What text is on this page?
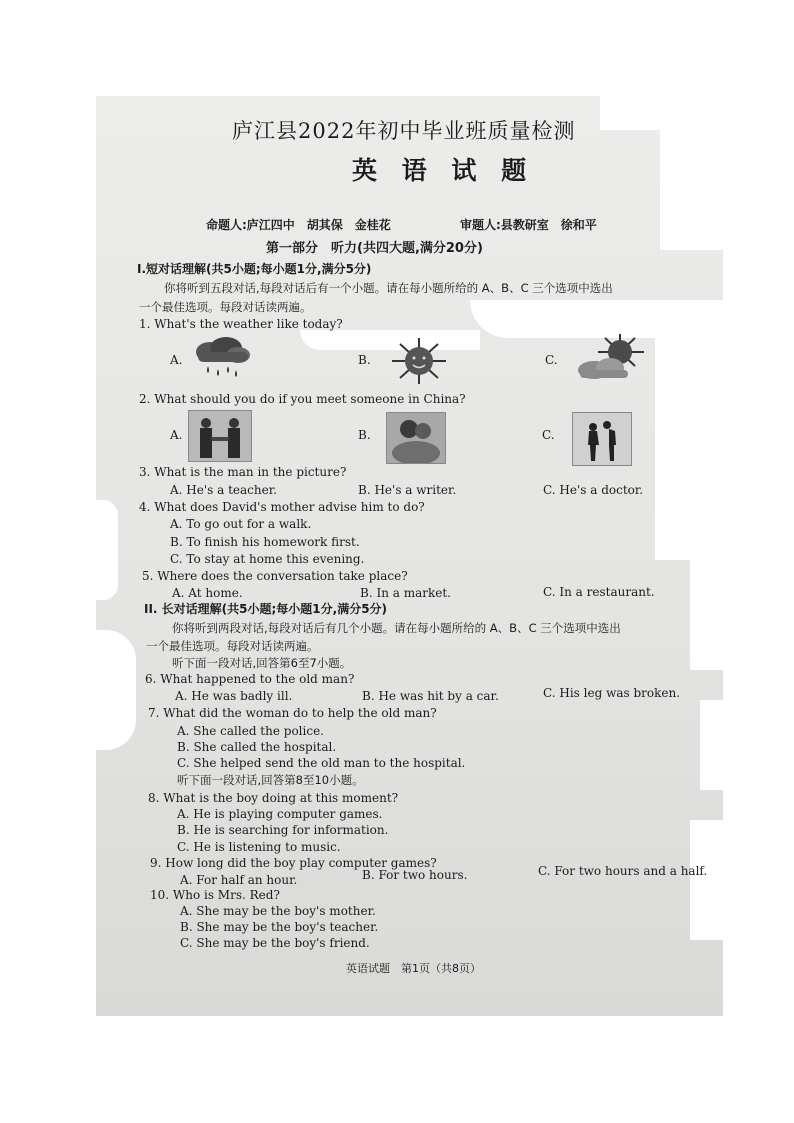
庐江县2022年初中毕业班质量检测
英 语 试 题
命题人:庐江四中　胡其保　金桂花	审题人:县教研室　徐和平
第一部分　听力(共四大题,满分20分)
I.短对话理解(共5小题;每小题1分,满分5分)
你将听到五段对话,每段对话后有一个小题。请在每小题所给的 A、B、C 三个选项中选出
一个最佳选项。每段对话读两遍。
1. What's the weather like today?
A.	B.	C.
2. What should you do if you meet someone in China?
A.	B.	C.
3. What is the man in the picture?
A. He's a teacher.	B. He's a writer.	C. He's a doctor.
4. What does David's mother advise him to do?
A. To go out for a walk.
B. To finish his homework first.
C. To stay at home this evening.
5. Where does the conversation take place?
A. At home.	B. In a market.	C. In a restaurant.
II. 长对话理解(共5小题;每小题1分,满分5分)
你将听到两段对话,每段对话后有几个小题。请在每小题所给的 A、B、C 三个选项中选出
一个最佳选项。每段对话读两遍。
听下面一段对话,回答第6至7小题。
6. What happened to the old man?
A. He was badly ill.	B. He was hit by a car.	C. His leg was broken.
7. What did the woman do to help the old man?
A. She called the police.
B. She called the hospital.
C. She helped send the old man to the hospital.
听下面一段对话,回答第8至10小题。
8. What is the boy doing at this moment?
A. He is playing computer games.
B. He is searching for information.
C. He is listening to music.
9. How long did the boy play computer games?
A. For half an hour.	B. For two hours.	C. For two hours and a half.
10. Who is Mrs. Red?
A. She may be the boy's mother.
B. She may be the boy's teacher.
C. She may be the boy's friend.
英语试题　第1页（共8页）
